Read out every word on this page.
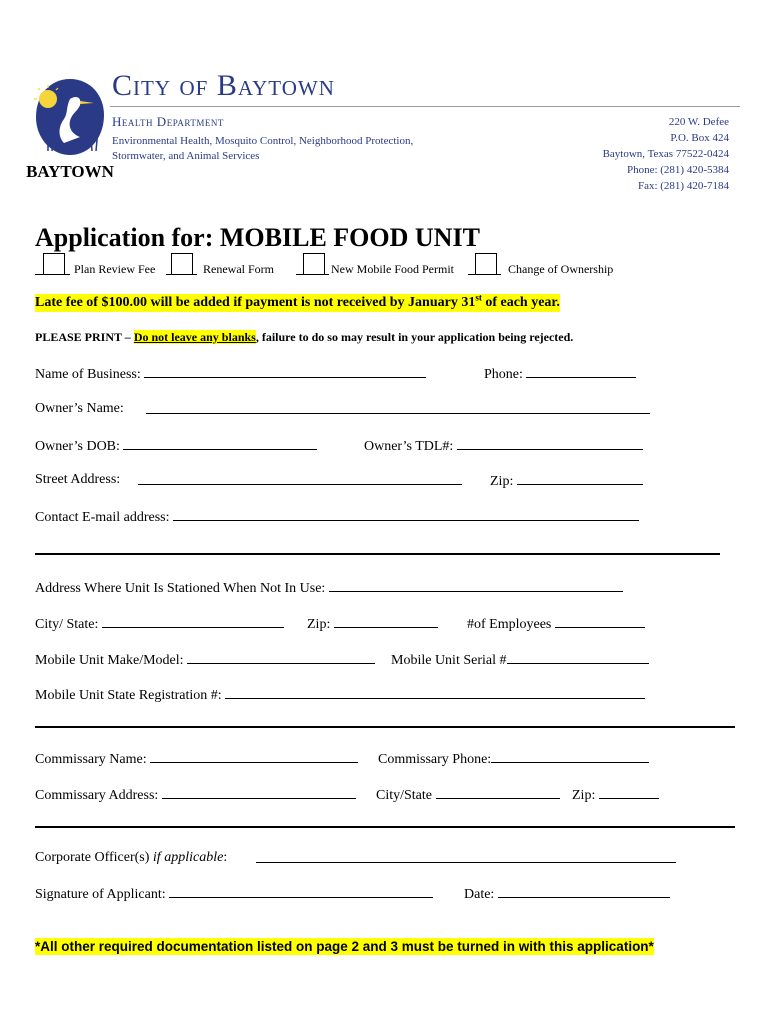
BAYTOWN
City of Baytown
Health Department
Environmental Health, Mosquito Control, Neighborhood Protection,
Stormwater, and Animal Services
220 W. Defee
P.O. Box 424
Baytown, Texas 77522-0424
Phone: (281) 420-5384
Fax: (281) 420-7184
Application for: MOBILE FOOD UNIT
Plan Review Fee	Renewal Form	New Mobile Food Permit	Change of Ownership
Late fee of $100.00 will be added if payment is not received by January 31st of each year.
PLEASE PRINT – Do not leave any blanks, failure to do so may result in your application being rejected.
Name of Business:	Phone:
Owner’s Name:
Owner’s DOB:	Owner’s TDL#:
Street Address:	Zip:
Contact E-mail address:
Address Where Unit Is Stationed When Not In Use:
City/ State:	Zip:	#of Employees
Mobile Unit Make/Model:	Mobile Unit Serial #
Mobile Unit State Registration #:
Commissary Name:	Commissary Phone:
Commissary Address:	City/State	Zip:
Corporate Officer(s) if applicable:
Signature of Applicant:	Date:
*All other required documentation listed on page 2 and 3 must be turned in with this application*
